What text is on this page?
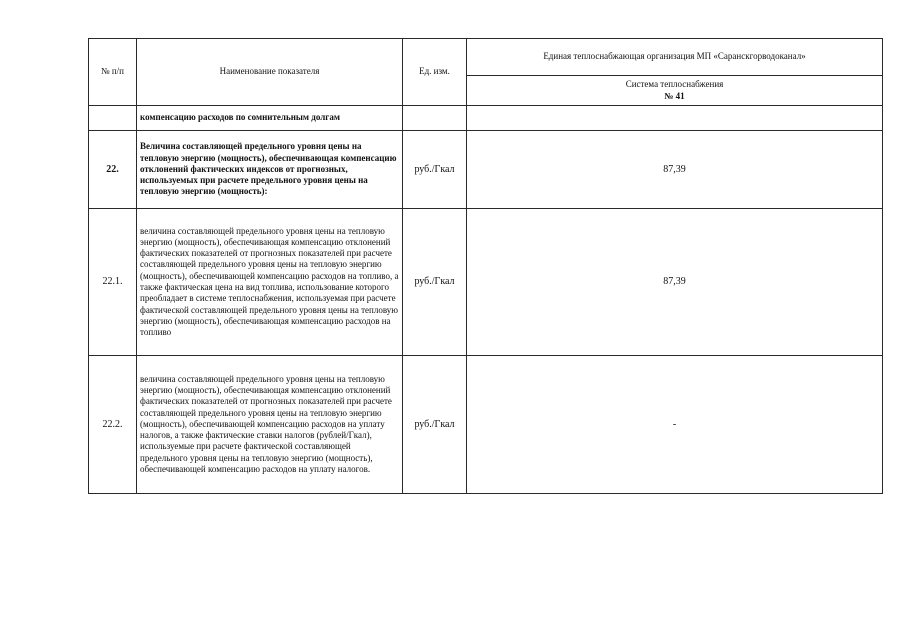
№ п/п	Наименование показателя	Ед. изм.	Единая теплоснабжающая организация МП «Саранскгорводоканал»

			Система теплоснабжения
№ 41

	компенсацию расходов по сомнительным долгам		
22.	Величина составляющей предельного уровня цены на тепловую энергию (мощность), обеспечивающая компенсацию отклонений фактических индексов от прогнозных, используемых при расчете предельного уровня цены на тепловую энергию (мощность):	руб./Гкал	87,39
22.1.	величина составляющей предельного уровня цены на тепловую энергию (мощность), обеспечивающая компенсацию отклонений фактических показателей от прогнозных показателей при расчете составляющей предельного уровня цены на тепловую энергию (мощность), обеспечивающей компенсацию расходов на топливо, а также фактическая цена на вид топлива, использование которого преобладает в системе теплоснабжения, используемая при расчете фактической составляющей предельного уровня цены на тепловую энергию (мощность), обеспечивающая компенсацию расходов на топливо	руб./Гкал	87,39
22.2.	величина составляющей предельного уровня цены на тепловую энергию (мощность), обеспечивающая компенсацию отклонений фактических показателей от прогнозных показателей при расчете составляющей предельного уровня цены на тепловую энергию (мощность), обеспечивающей компенсацию расходов на уплату налогов, а также фактические ставки налогов (рублей/Гкал), используемые при расчете фактической составляющей предельного уровня цены на тепловую энергию (мощность), обеспечивающей компенсацию расходов на уплату налогов.	руб./Гкал	-
